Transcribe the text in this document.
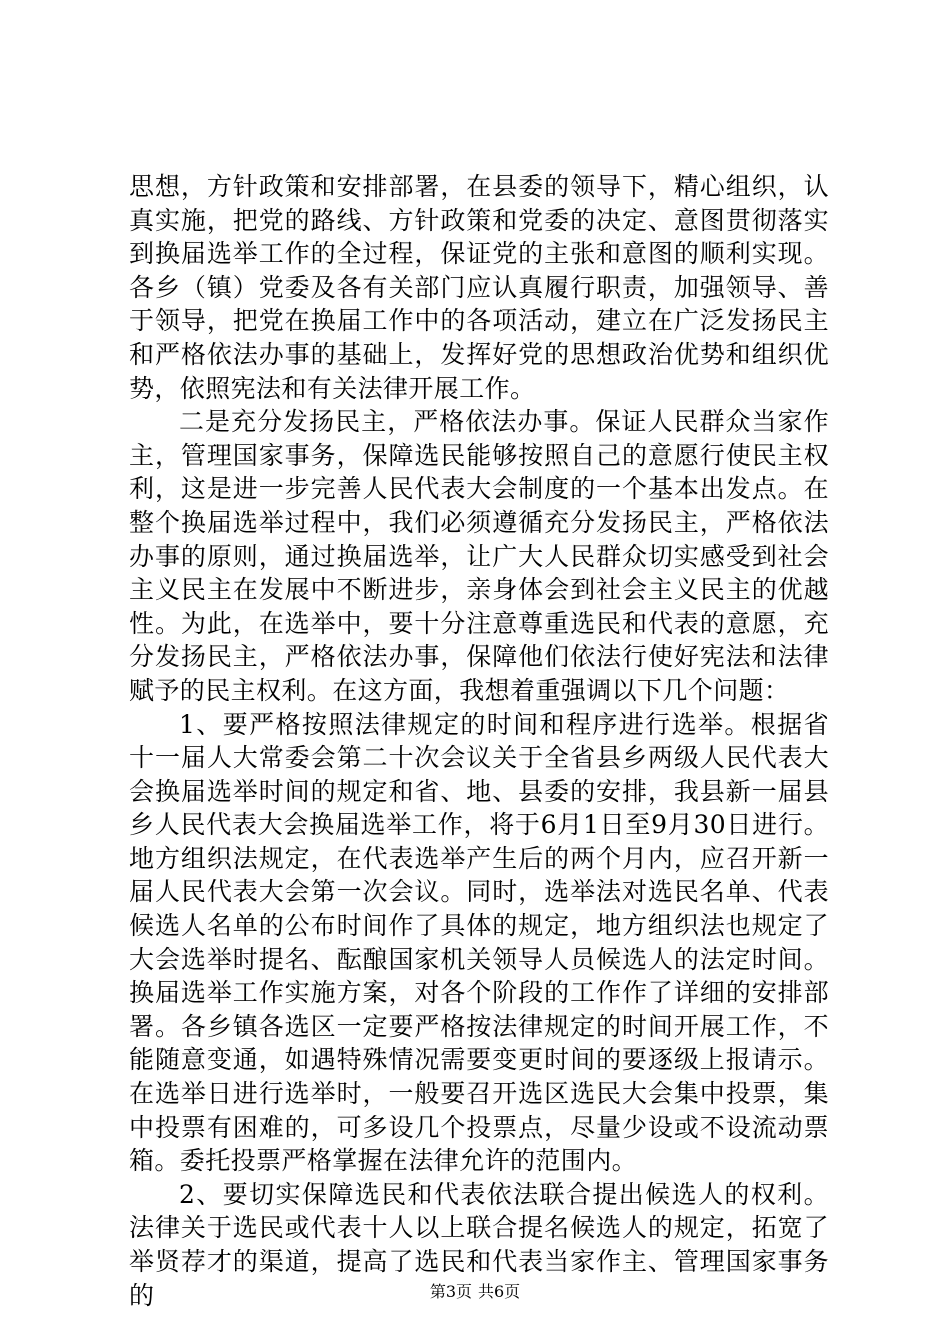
思想，方针政策和安排部署，在县委的领导下，精心组织，认真实施，把党的路线、方针政策和党委的决定、意图贯彻落实到换届选举工作的全过程，保证党的主张和意图的顺利实现。各乡（镇）党委及各有关部门应认真履行职责，加强领导、善于领导，把党在换届工作中的各项活动，建立在广泛发扬民主和严格依法办事的基础上，发挥好党的思想政治优势和组织优势，依照宪法和有关法律开展工作。

二是充分发扬民主，严格依法办事。保证人民群众当家作主，管理国家事务，保障选民能够按照自己的意愿行使民主权利，这是进一步完善人民代表大会制度的一个基本出发点。在整个换届选举过程中，我们必须遵循充分发扬民主，严格依法办事的原则，通过换届选举，让广大人民群众切实感受到社会主义民主在发展中不断进步，亲身体会到社会主义民主的优越性。为此，在选举中，要十分注意尊重选民和代表的意愿，充分发扬民主，严格依法办事，保障他们依法行使好宪法和法律赋予的民主权利。在这方面，我想着重强调以下几个问题：

1、要严格按照法律规定的时间和程序进行选举。根据省十一届人大常委会第二十次会议关于全省县乡两级人民代表大会换届选举时间的规定和省、地、县委的安排，我县新一届县乡人民代表大会换届选举工作，将于6月1日至9月30日进行。地方组织法规定，在代表选举产生后的两个月内，应召开新一届人民代表大会第一次会议。同时，选举法对选民名单、代表候选人名单的公布时间作了具体的规定，地方组织法也规定了大会选举时提名、酝酿国家机关领导人员候选人的法定时间。换届选举工作实施方案，对各个阶段的工作作了详细的安排部署。各乡镇各选区一定要严格按法律规定的时间开展工作，不能随意变通，如遇特殊情况需要变更时间的要逐级上报请示。在选举日进行选举时，一般要召开选区选民大会集中投票，集中投票有困难的，可多设几个投票点，尽量少设或不设流动票箱。委托投票严格掌握在法律允许的范围内。

2、要切实保障选民和代表依法联合提出候选人的权利。法律关于选民或代表十人以上联合提名候选人的规定，拓宽了举贤荐才的渠道，提高了选民和代表当家作主、管理国家事务的	第3页 共6页
